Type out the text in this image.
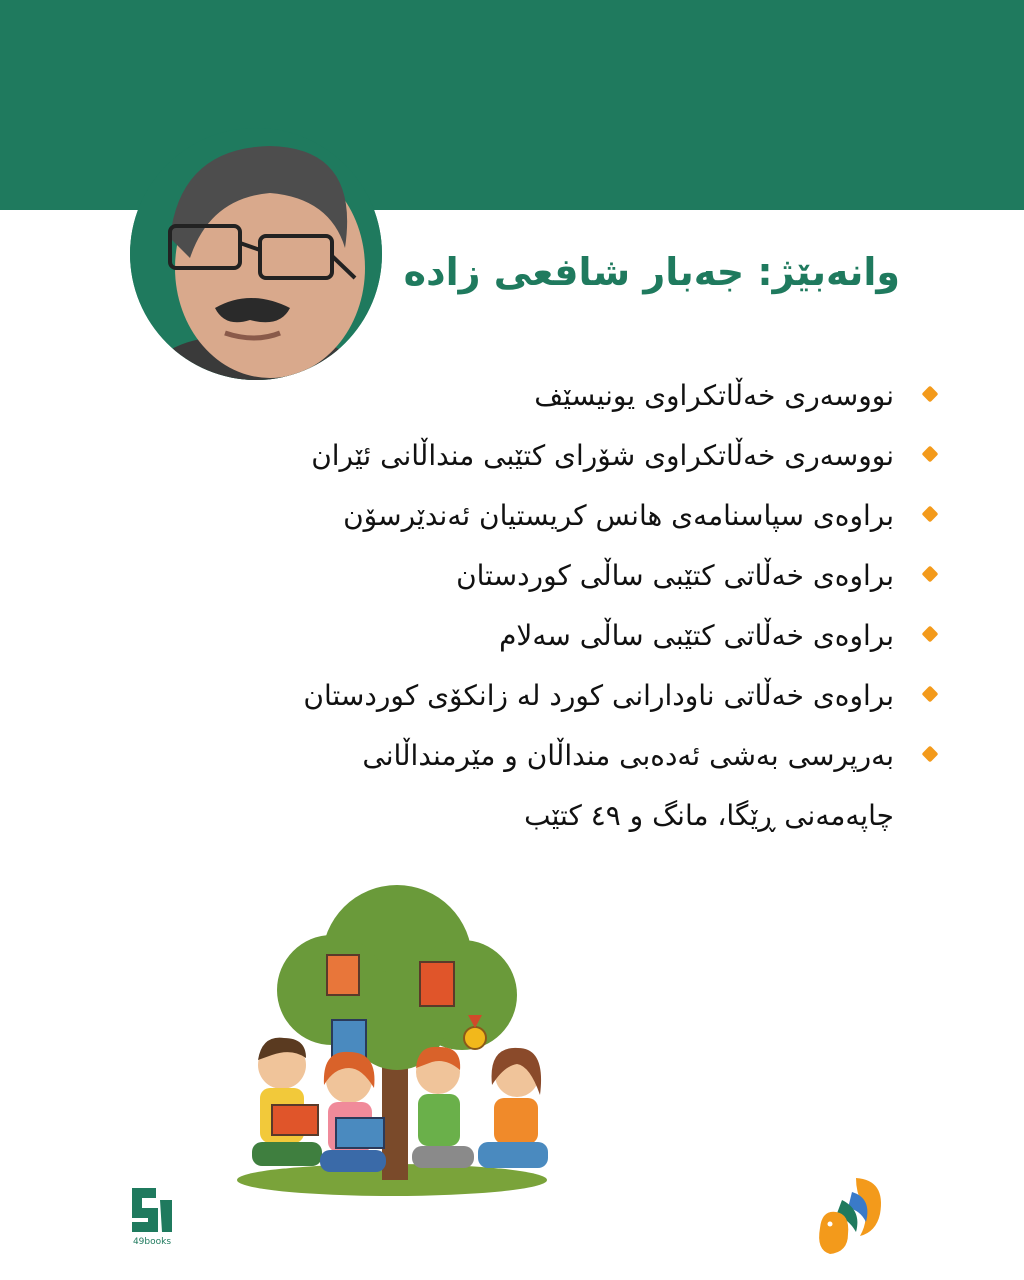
وانەبێژ: جەبار شافعی زادە
نووسەری خەڵاتکراوی یونیسێف
نووسەری خەڵاتکراوی شۆرای کتێبی منداڵانی ئێران
براوەی سپاسنامەی هانس کریستیان ئەندێرسۆن
براوەی خەڵاتی کتێبی ساڵی کوردستان
براوەی خەڵاتی کتێبی ساڵی سەلام
براوەی خەڵاتی ناودارانی کورد لە زانکۆی کوردستان
بەرپرسی بەشی ئەدەبی منداڵان و مێرمنداڵانی چاپەمەنی ڕێگا، مانگ و ٤٩ کتێب
49books
